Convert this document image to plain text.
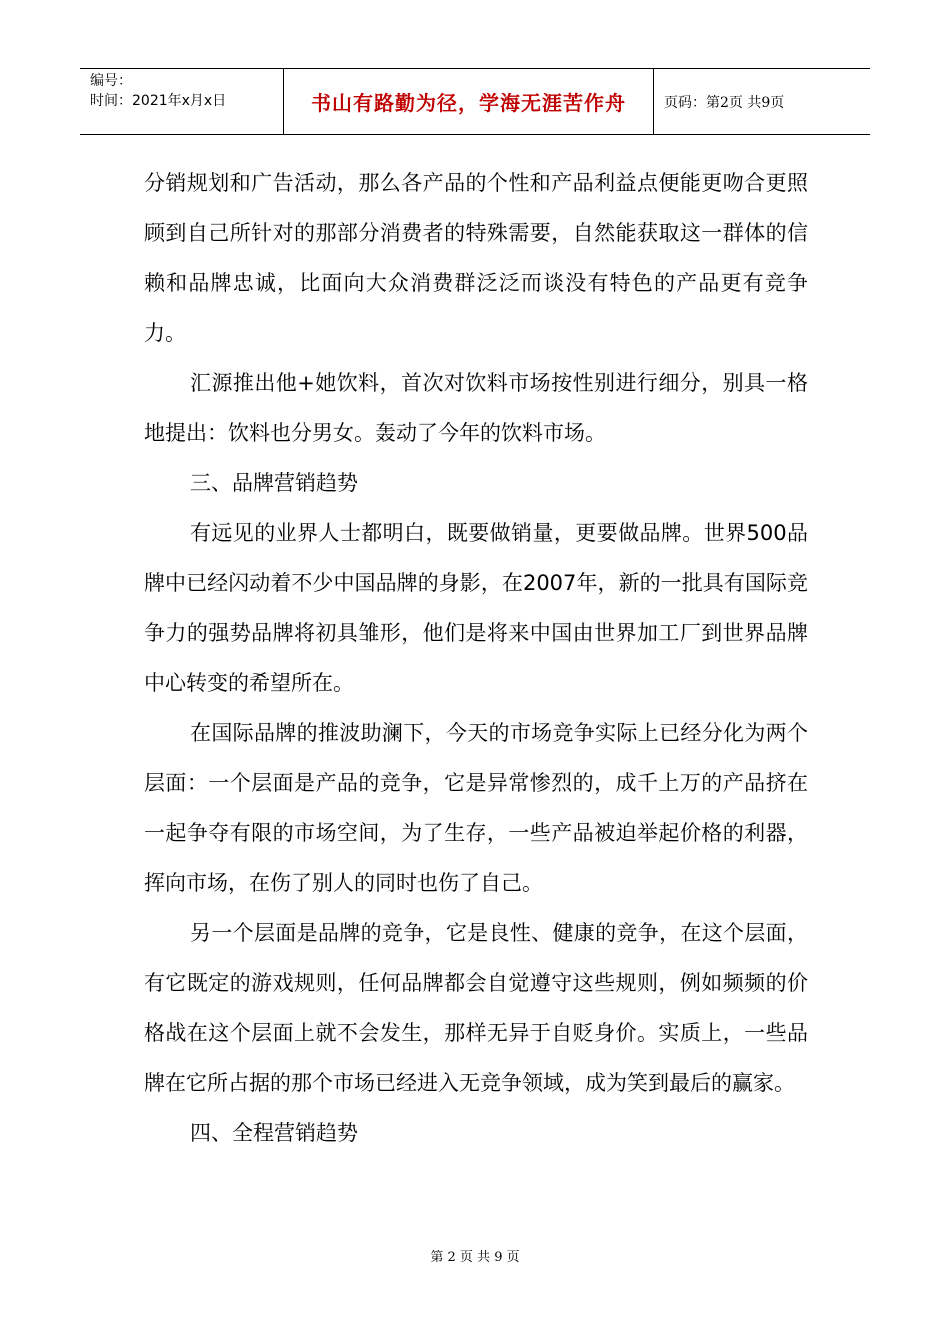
编号：
时间：2021年x月x日	书山有路勤为径，学海无涯苦作舟	页码：第2页 共9页

分销规划和广告活动，那么各产品的个性和产品利益点便能更吻合更照顾到自己所针对的那部分消费者的特殊需要，自然能获取这一群体的信赖和品牌忠诚，比面向大众消费群泛泛而谈没有特色的产品更有竞争力。

汇源推出他+她饮料，首次对饮料市场按性别进行细分，别具一格地提出：饮料也分男女。轰动了今年的饮料市场。

三、品牌营销趋势

有远见的业界人士都明白，既要做销量，更要做品牌。世界500品牌中已经闪动着不少中国品牌的身影，在2007年，新的一批具有国际竞争力的强势品牌将初具雏形，他们是将来中国由世界加工厂到世界品牌中心转变的希望所在。

在国际品牌的推波助澜下，今天的市场竞争实际上已经分化为两个层面：一个层面是产品的竞争，它是异常惨烈的，成千上万的产品挤在一起争夺有限的市场空间，为了生存，一些产品被迫举起价格的利器，挥向市场，在伤了别人的同时也伤了自己。

另一个层面是品牌的竞争，它是良性、健康的竞争，在这个层面，有它既定的游戏规则，任何品牌都会自觉遵守这些规则，例如频频的价格战在这个层面上就不会发生，那样无异于自贬身价。实质上，一些品牌在它所占据的那个市场已经进入无竞争领域，成为笑到最后的赢家。

四、全程营销趋势

第 2 页 共 9 页
